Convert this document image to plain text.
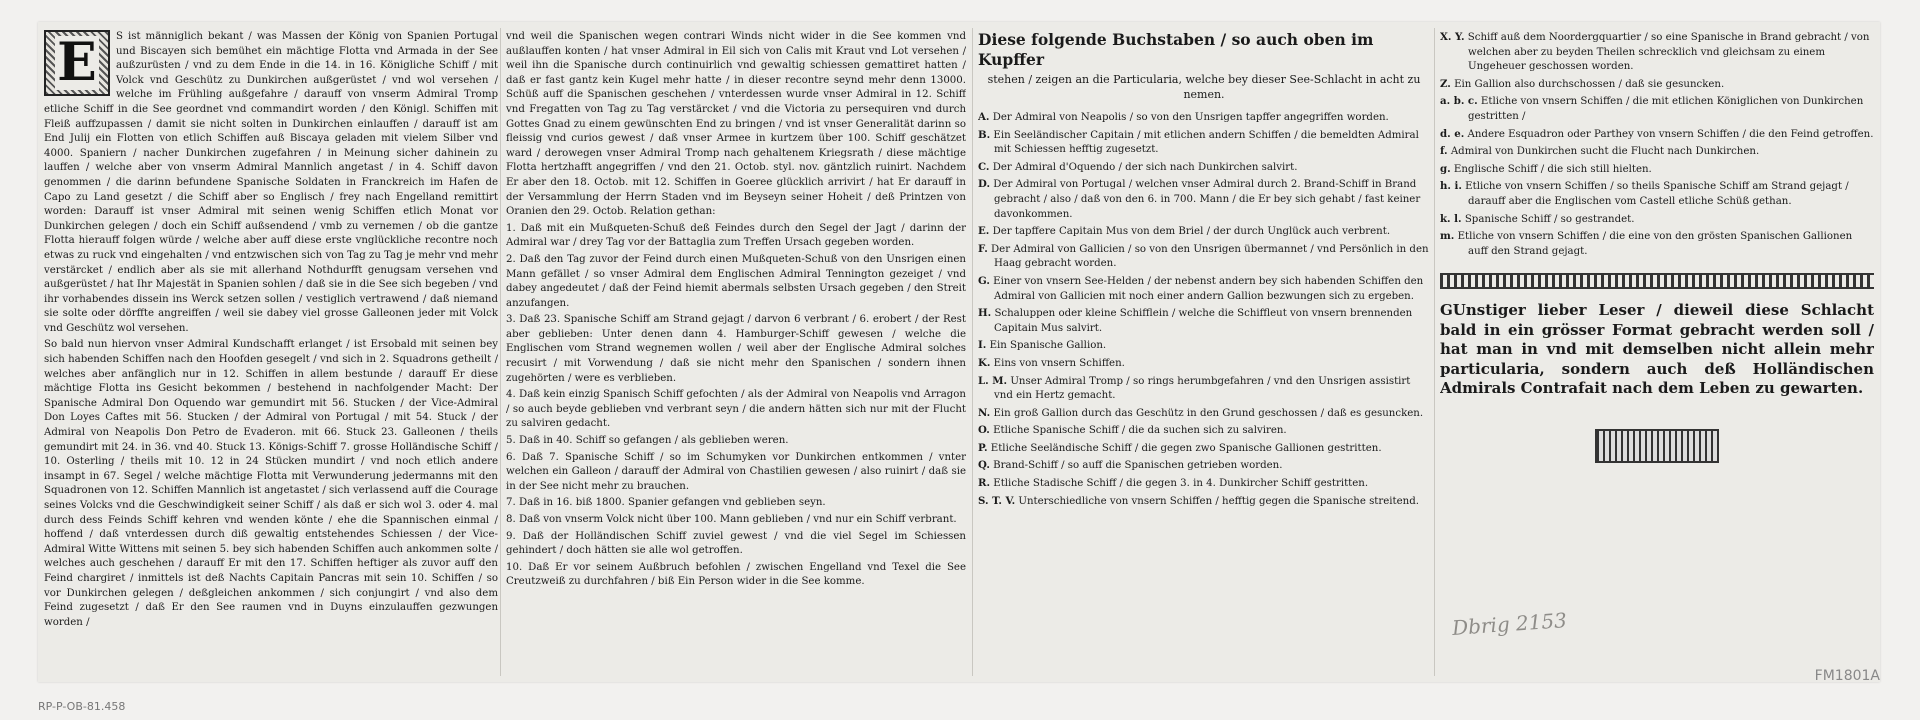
E	S ist männiglich bekant / was Massen der König von Spanien Portugal und Biscayen sich bemühet ein mächtige Flotta vnd Armada in der See außzurüsten / vnd zu dem Ende in die 14. in 16. Königliche Schiff / mit Volck vnd Geschütz zu Dunkirchen außgerüstet / vnd wol versehen / welche im Frühling außgefahre / darauff von vnserm Admiral Tromp etliche Schiff in die See geordnet vnd commandirt worden / den Königl. Schiffen mit Fleiß auffzupassen / damit sie nicht solten in Dunkirchen einlauffen / darauff ist am End Julij ein Flotten von etlich Schiffen auß Biscaya geladen mit vielem Silber vnd 4000. Spaniern / nacher Dunkirchen zugefahren / in Meinung sicher dahinein zu lauffen / welche aber von vnserm Admiral Mannlich angetast / in 4. Schiff davon genommen / die darinn befundene Spanische Soldaten in Franckreich im Hafen de Capo zu Land gesetzt / die Schiff aber so Englisch / frey nach Engelland remittirt worden: Darauff ist vnser Admiral mit seinen wenig Schiffen etlich Monat vor Dunkirchen gelegen / doch ein Schiff außsendend / vmb zu vernemen / ob die gantze Flotta hierauff folgen würde / welche aber auff diese erste vnglückliche recontre noch etwas zu ruck vnd eingehalten / vnd entzwischen sich von Tag zu Tag je mehr vnd mehr verstärcket / endlich aber als sie mit allerhand Nothdurfft genugsam versehen vnd außgerüstet / hat Ihr Majestät in Spanien sohlen / daß sie in die See sich begeben / vnd ihr vorhabendes dissein ins Werck setzen sollen / vestiglich vertrawend / daß niemand sie solte oder dörffte angreiffen / weil sie dabey viel grosse Galleonen jeder mit Volck vnd Geschütz wol versehen.

So bald nun hiervon vnser Admiral Kundschafft erlanget / ist Ersobald mit seinen bey sich habenden Schiffen nach den Hoofden gesegelt / vnd sich in 2. Squadrons getheilt / welches aber anfänglich nur in 12. Schiffen in allem bestunde / darauff Er diese mächtige Flotta ins Gesicht bekommen / bestehend in nachfolgender Macht: Der Spanische Admiral Don Oquendo war gemundirt mit 56. Stucken / der Vice-Admiral Don Loyes Caftes mit 56. Stucken / der Admiral von Portugal / mit 54. Stuck / der Admiral von Neapolis Don Petro de Evaderon. mit 66. Stuck 23. Galleonen / theils gemundirt mit 24. in 36. vnd 40. Stuck 13. Königs-Schiff 7. grosse Holländische Schiff / 10. Osterling / theils mit 10. 12 in 24 Stücken mundirt / vnd noch etlich andere insampt in 67. Segel / welche mächtige Flotta mit Verwunderung jedermanns mit den Squadronen von 12. Schiffen Mannlich ist angetastet / sich verlassend auff die Courage seines Volcks vnd die Geschwindigkeit seiner Schiff / als daß er sich wol 3. oder 4. mal durch dess Feinds Schiff kehren vnd wenden könte / ehe die Spannischen einmal / hoffend / daß vnterdessen durch diß gewaltig entstehendes Schiessen / der Vice-Admiral Witte Wittens mit seinen 5. bey sich habenden Schiffen auch ankommen solte / welches auch geschehen / darauff Er mit den 17. Schiffen heftiger als zuvor auff den Feind chargiret / inmittels ist deß Nachts Capitain Pancras mit sein 10. Schiffen / so vor Dunkirchen gelegen / deßgleichen ankommen / sich conjungirt / vnd also dem Feind zugesetzt / daß Er den See raumen vnd in Duyns einzulauffen gezwungen worden /

vnd weil die Spanischen wegen contrari Winds nicht wider in die See kommen vnd außlauffen konten / hat vnser Admiral in Eil sich von Calis mit Kraut vnd Lot versehen / weil ihn die Spanische durch continuirlich vnd gewaltig schiessen gemattiret hatten / daß er fast gantz kein Kugel mehr hatte / in dieser recontre seynd mehr denn 13000. Schüß auff die Spanischen geschehen / vnterdessen wurde vnser Admiral in 12. Schiff vnd Fregatten von Tag zu Tag verstärcket / vnd die Victoria zu persequiren vnd durch Gottes Gnad zu einem gewünschten End zu bringen / vnd ist vnser Generalität darinn so fleissig vnd curios gewest / daß vnser Armee in kurtzem über 100. Schiff geschätzet ward / derowegen vnser Admiral Tromp nach gehaltenem Kriegsrath / diese mächtige Flotta hertzhafft angegriffen / vnd den 21. Octob. styl. nov. gäntzlich ruinirt. Nachdem Er aber den 18. Octob. mit 12. Schiffen in Goeree glücklich arrivirt / hat Er darauff in der Versammlung der Herrn Staden vnd im Beyseyn seiner Hoheit / deß Printzen von Oranien den 29. Octob. Relation gethan:

1. Daß mit ein Mußqueten-Schuß deß Feindes durch den Segel der Jagt / darinn der Admiral war / drey Tag vor der Battaglia zum Treffen Ursach gegeben worden.

2. Daß den Tag zuvor der Feind durch einen Mußqueten-Schuß von den Unsrigen einen Mann gefället / so vnser Admiral dem Englischen Admiral Tennington gezeiget / vnd dabey angedeutet / daß der Feind hiemit abermals selbsten Ursach gegeben / den Streit anzufangen.

3. Daß 23. Spanische Schiff am Strand gejagt / darvon 6 verbrant / 6. erobert / der Rest aber geblieben: Unter denen dann 4. Hamburger-Schiff gewesen / welche die Englischen vom Strand wegnemen wollen / weil aber der Englische Admiral solches recusirt / mit Vorwendung / daß sie nicht mehr den Spanischen / sondern ihnen zugehörten / were es verblieben.

4. Daß kein einzig Spanisch Schiff gefochten / als der Admiral von Neapolis vnd Arragon / so auch beyde geblieben vnd verbrant seyn / die andern hätten sich nur mit der Flucht zu salviren gedacht.

5. Daß in 40. Schiff so gefangen / als geblieben weren.

6. Daß 7. Spanische Schiff / so im Schumyken vor Dunkirchen entkommen / vnter welchen ein Galleon / darauff der Admiral von Chastilien gewesen / also ruinirt / daß sie in der See nicht mehr zu brauchen.

7. Daß in 16. biß 1800. Spanier gefangen vnd geblieben seyn.

8. Daß von vnserm Volck nicht über 100. Mann geblieben / vnd nur ein Schiff verbrant.

9. Daß der Holländischen Schiff zuviel gewest / vnd die viel Segel im Schiessen gehindert / doch hätten sie alle wol getroffen.

10. Daß Er vor seinem Außbruch befohlen / zwischen Engelland vnd Texel die See Creutzweiß zu durchfahren / biß Ein Person wider in die See komme.

Diese folgende Buchstaben / so auch oben im Kupffer
stehen / zeigen an die Particularia, welche bey dieser See-Schlacht in acht zu nemen.

A. Der Admiral von Neapolis / so von den Unsrigen tapffer angegriffen worden.

B. Ein Seeländischer Capitain / mit etlichen andern Schiffen / die bemeldten Admiral mit Schiessen hefftig zugesetzt.

C. Der Admiral d'Oquendo / der sich nach Dunkirchen salvirt.

D. Der Admiral von Portugal / welchen vnser Admiral durch 2. Brand-Schiff in Brand gebracht / also / daß von den 6. in 700. Mann / die Er bey sich gehabt / fast keiner davonkommen.

E. Der tapffere Capitain Mus von dem Briel / der durch Unglück auch verbrent.

F. Der Admiral von Gallicien / so von den Unsrigen übermannet / vnd Persönlich in den Haag gebracht worden.

G. Einer von vnsern See-Helden / der nebenst andern bey sich habenden Schiffen den Admiral von Gallicien mit noch einer andern Gallion bezwungen sich zu ergeben.

H. Schaluppen oder kleine Schifflein / welche die Schiffleut von vnsern brennenden Capitain Mus salvirt.

I. Ein Spanische Gallion.

K. Eins von vnsern Schiffen.

L. M. Unser Admiral Tromp / so rings herumbgefahren / vnd den Unsrigen assistirt vnd ein Hertz gemacht.

N. Ein groß Gallion durch das Geschütz in den Grund geschossen / daß es gesuncken.

O. Etliche Spanische Schiff / die da suchen sich zu salviren.

P. Etliche Seeländische Schiff / die gegen zwo Spanische Gallionen gestritten.

Q. Brand-Schiff / so auff die Spanischen getrieben worden.

R. Etliche Stadische Schiff / die gegen 3. in 4. Dunkircher Schiff gestritten.

S. T. V. Unterschiedliche von vnsern Schiffen / hefftig gegen die Spanische streitend.

X. Y. Schiff auß dem Noordergquartier / so eine Spanische in Brand gebracht / von welchen aber zu beyden Theilen schrecklich vnd gleichsam zu einem Ungeheuer geschossen worden.

Z. Ein Gallion also durchschossen / daß sie gesuncken.

a. b. c. Etliche von vnsern Schiffen / die mit etlichen Königlichen von Dunkirchen gestritten /

d. e. Andere Esquadron oder Parthey von vnsern Schiffen / die den Feind getroffen.

f. Admiral von Dunkirchen sucht die Flucht nach Dunkirchen.

g. Englische Schiff / die sich still hielten.

h. i. Etliche von vnsern Schiffen / so theils Spanische Schiff am Strand gejagt / darauff aber die Englischen vom Castell etliche Schüß gethan.

k. l. Spanische Schiff / so gestrandet.

m. Etliche von vnsern Schiffen / die eine von den grösten Spanischen Gallionen auff den Strand gejagt.

GUnstiger lieber Leser / dieweil diese Schlacht bald in ein grösser Format gebracht werden soll / hat man in vnd mit demselben nicht allein mehr particularia, sondern auch deß Holländischen Admirals Contrafait nach dem Leben zu gewarten.
Dbrig 2153
RP-P-OB-81.458
FM1801A
